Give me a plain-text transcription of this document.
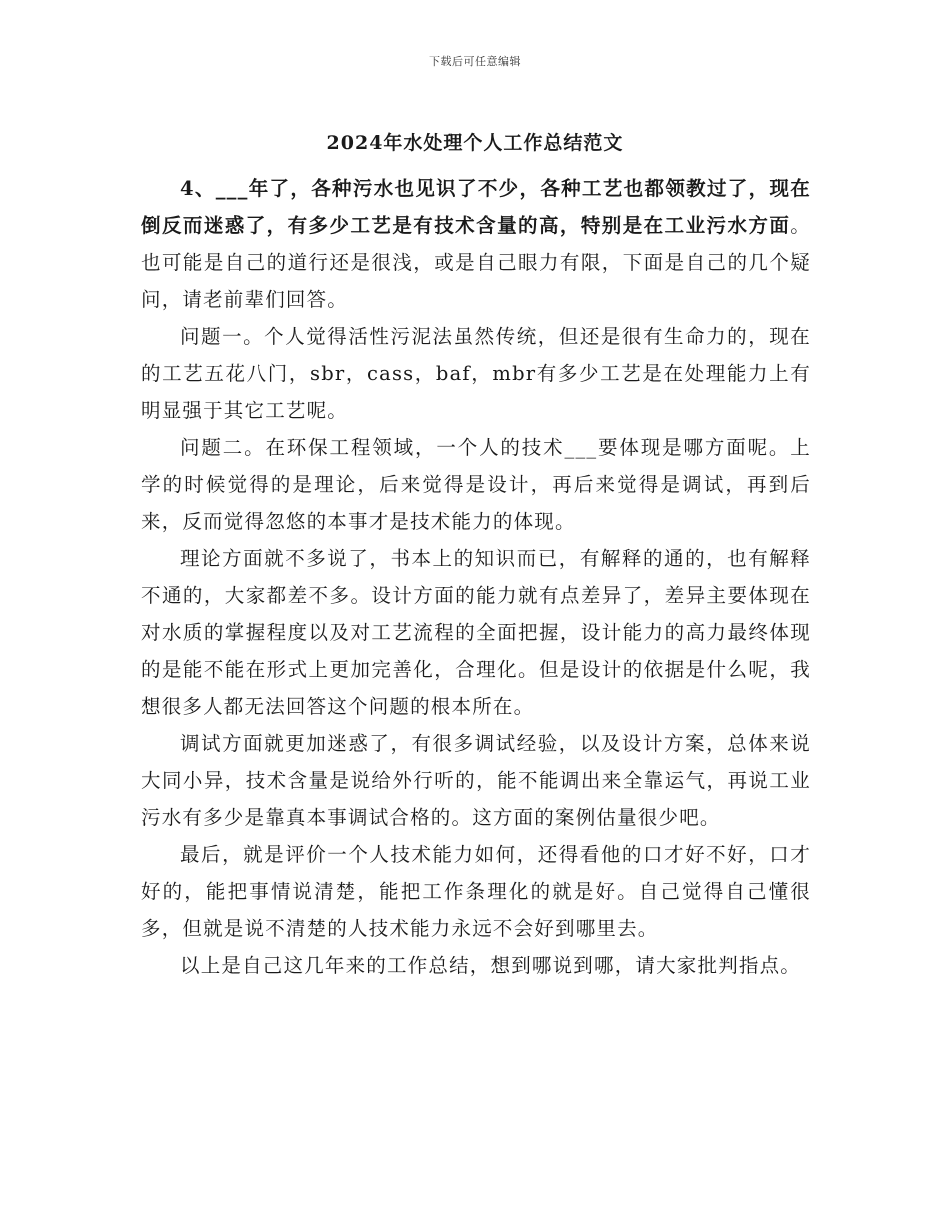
下载后可任意编辑
2024年水处理个人工作总结范文

4、___年了，各种污水也见识了不少，各种工艺也都领教过了，现在倒反而迷惑了，有多少工艺是有技术含量的高，特别是在工业污水方面。也可能是自己的道行还是很浅，或是自己眼力有限，下面是自己的几个疑问，请老前辈们回答。

问题一。个人觉得活性污泥法虽然传统，但还是很有生命力的，现在的工艺五花八门，sbr，cass，baf，mbr有多少工艺是在处理能力上有明显强于其它工艺呢。

问题二。在环保工程领域，一个人的技术___要体现是哪方面呢。上学的时候觉得的是理论，后来觉得是设计，再后来觉得是调试，再到后来，反而觉得忽悠的本事才是技术能力的体现。

理论方面就不多说了，书本上的知识而已，有解释的通的，也有解释不通的，大家都差不多。设计方面的能力就有点差异了，差异主要体现在对水质的掌握程度以及对工艺流程的全面把握，设计能力的高力最终体现的是能不能在形式上更加完善化，合理化。但是设计的依据是什么呢，我想很多人都无法回答这个问题的根本所在。

调试方面就更加迷惑了，有很多调试经验，以及设计方案，总体来说大同小异，技术含量是说给外行听的，能不能调出来全靠运气，再说工业污水有多少是靠真本事调试合格的。这方面的案例估量很少吧。

最后，就是评价一个人技术能力如何，还得看他的口才好不好，口才好的，能把事情说清楚，能把工作条理化的就是好。自己觉得自己懂很多，但就是说不清楚的人技术能力永远不会好到哪里去。

以上是自己这几年来的工作总结，想到哪说到哪，请大家批判指点。
